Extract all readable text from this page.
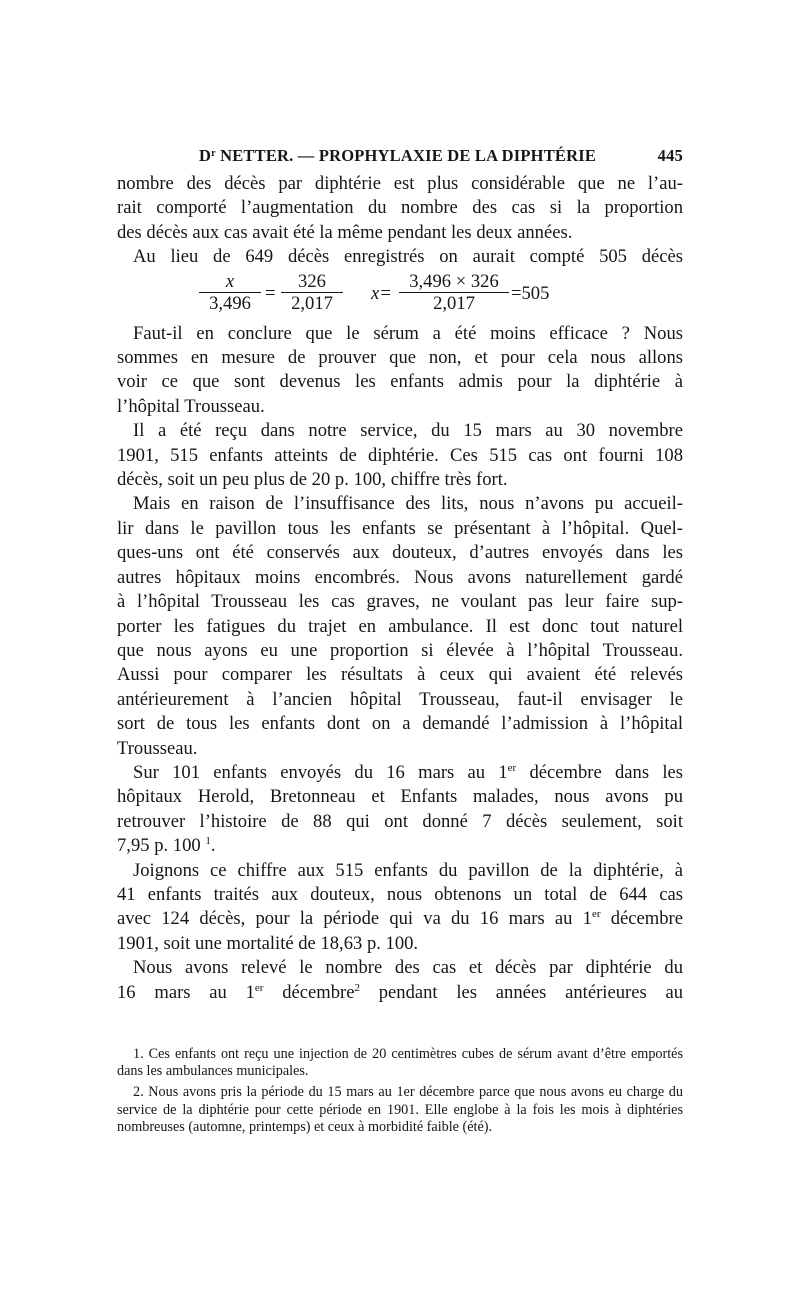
$D^r$ NETTER. — PROPHYLAXIE DE LA DIPHTÉRIE	445

nombre des décès par diphtérie est plus considérable que ne l’au-

rait comporté l’augmentation du nombre des cas si la proportion

des décès aux cas avait été la même pendant les deux années.

Au lieu de 649 décès enregistrés on aurait compté 505 décès

$\frac{x}{3,496} = \frac{326}{2,017} x= \frac{3,496 \times 326}{2,017} =505$

Faut-il en conclure que le sérum a été moins efficace ? Nous

sommes en mesure de prouver que non, et pour cela nous allons

voir ce que sont devenus les enfants admis pour la diphtérie à

l’hôpital Trousseau.

Il a été reçu dans notre service, du 15 mars au 30 novembre

1901, 515 enfants atteints de diphtérie. Ces 515 cas ont fourni 108

décès, soit un peu plus de 20 p. 100, chiffre très fort.

Mais en raison de l’insuffisance des lits, nous n’avons pu accueil-

lir dans le pavillon tous les enfants se présentant à l’hôpital. Quel-

ques-uns ont été conservés aux douteux, d’autres envoyés dans les

autres hôpitaux moins encombrés. Nous avons naturellement gardé

à l’hôpital Trousseau les cas graves, ne voulant pas leur faire sup-

porter les fatigues du trajet en ambulance. Il est donc tout naturel

que nous ayons eu une proportion si élevée à l’hôpital Trousseau.

Aussi pour comparer les résultats à ceux qui avaient été relevés

antérieurement à l’ancien hôpital Trousseau, faut-il envisager le

sort de tous les enfants dont on a demandé l’admission à l’hôpital

Trousseau.

Sur 101 enfants envoyés du 16 mars au 1er décembre dans les

hôpitaux Herold, Bretonneau et Enfants malades, nous avons pu

retrouver l’histoire de 88 qui ont donné 7 décès seulement, soit

7,95 p. 100 $^1$.

Joignons ce chiffre aux 515 enfants du pavillon de la diphtérie, à

41 enfants traités aux douteux, nous obtenons un total de 644 cas

avec 124 décès, pour la période qui va du 16 mars au 1er décembre

1901, soit une mortalité de 18,63 p. 100.

Nous avons relevé le nombre des cas et décès par diphtérie du

16 mars au 1er décembre$^2$ pendant les années antérieures au

1. Ces enfants ont reçu une injection de 20 centimètres cubes de sérum avant d’être emportés dans les ambulances municipales.

2. Nous avons pris la période du 15 mars au 1er décembre parce que nous avons eu charge du service de la diphtérie pour cette période en 1901. Elle englobe à la fois les mois à diphtéries nombreuses (automne, printemps) et ceux à morbidité faible (été).
